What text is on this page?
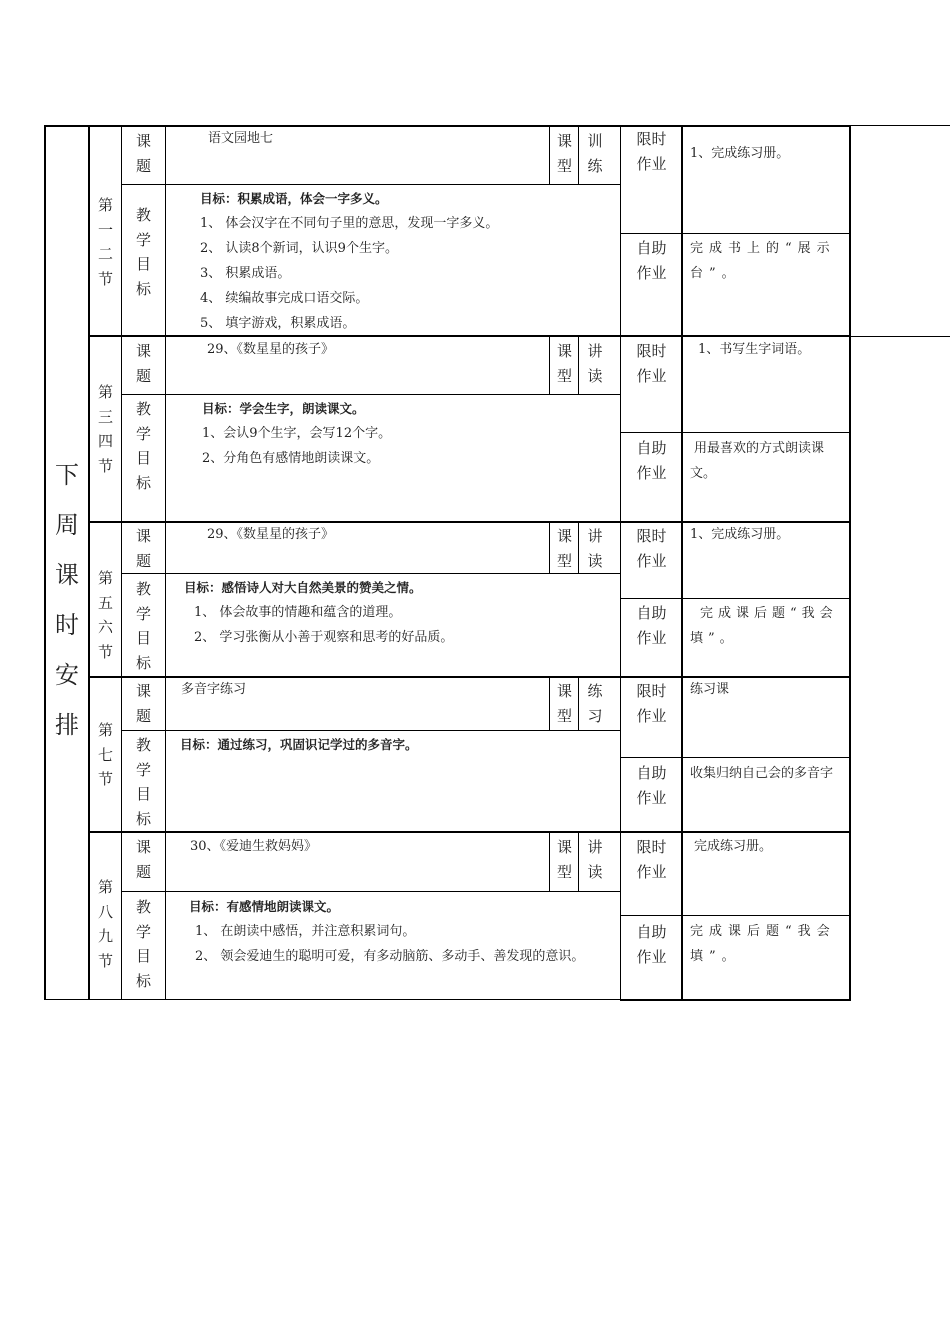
下
周
课
时
安
排
第
一
二
节
第
三
四
节
第
五
六
节
第
七
节
第
八
九
节
课
题
课
题
课
题
课
题
课
题
教
学
目
标
教
学
目
标
教
学
目
标
教
学
目
标
教
学
目
标
课
型
课
型
课
型
课
型
课
型
训
练
讲
读
讲
读
练
习
讲
读
语文园地七
29、《数星星的孩子》
29、《数星星的孩子》
多音字练习
30、《爱迪生救妈妈》
目标：积累成语，体会一字多义。
1、 体会汉字在不同句子里的意思，发现一字多义。
2、 认读8个新词，认识9个生字。
3、 积累成语。
4、 续编故事完成口语交际。
5、 填字游戏，积累成语。
目标：学会生字，朗读课文。
1、会认9个生字，会写12个字。
2、分角色有感情地朗读课文。
目标：感悟诗人对大自然美景的赞美之情。
1、 体会故事的情趣和蕴含的道理。
2、 学习张衡从小善于观察和思考的好品质。
目标：通过练习，巩固识记学过的多音字。
目标：有感情地朗读课文。
1、 在朗读中感悟，并注意积累词句。
2、 领会爱迪生的聪明可爱，有多动脑筋、多动手、善发现的意识。
限时
作业
自助
作业
限时
作业
自助
作业
限时
作业
自助
作业
限时
作业
自助
作业
限时
作业
自助
作业
1、完成练习册。
完成书上的“展示台”。
1、书写生字词语。
用最喜欢的方式朗读课文。
1、完成练习册。
完成课后题“我会填”。
练习课
收集归纳自己会的多音字
完成练习册。
完成课后题“我会填”。
